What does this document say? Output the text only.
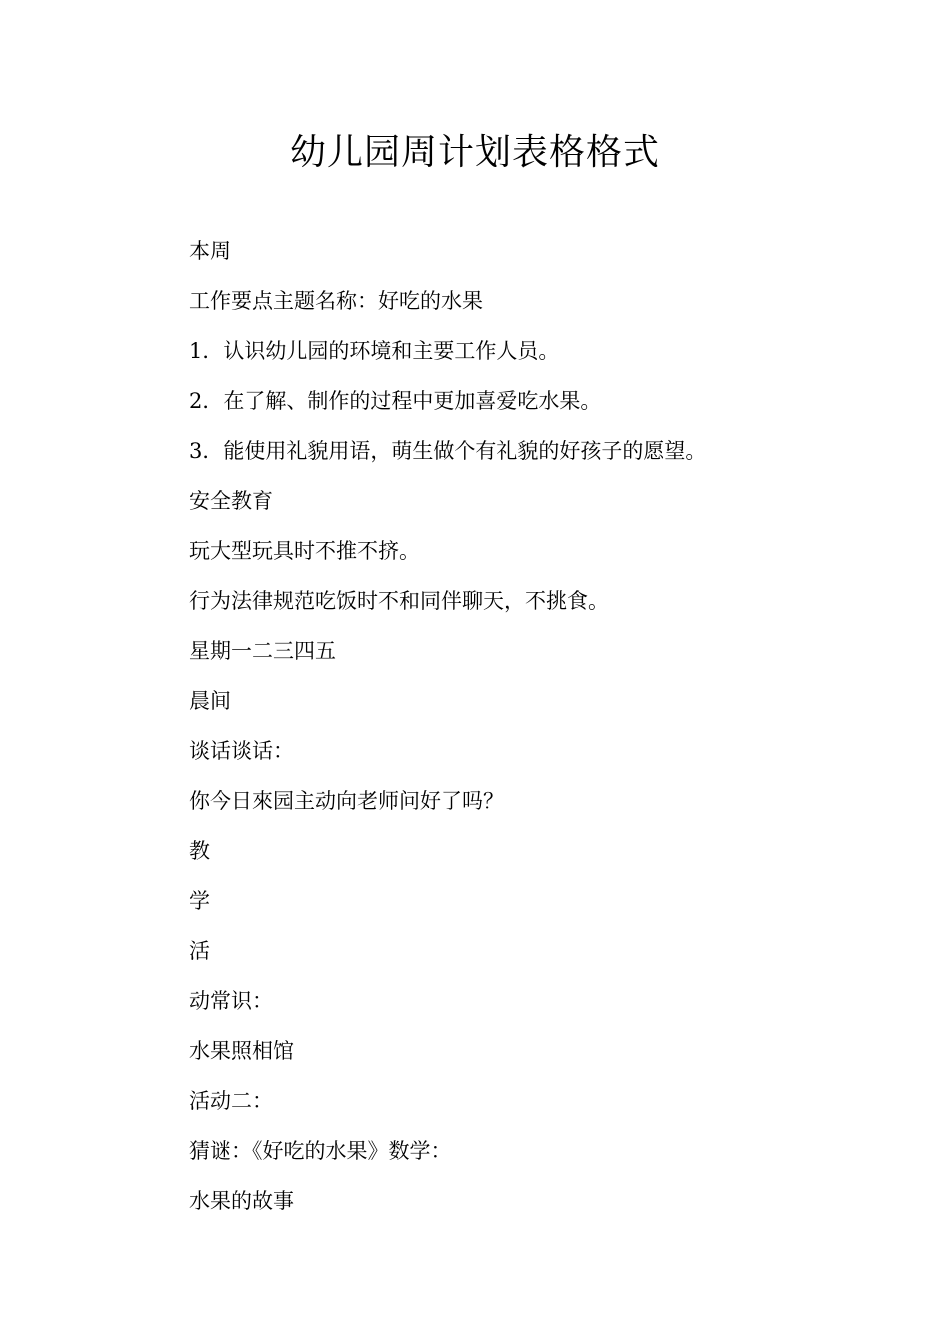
幼儿园周计划表格格式
本周
工作要点主题名称：好吃的水果
1．认识幼儿园的环境和主要工作人员。
2．在了解、制作的过程中更加喜爱吃水果。
3．能使用礼貌用语，萌生做个有礼貌的好孩子的愿望。
安全教育
玩大型玩具时不推不挤。
行为法律规范吃饭时不和同伴聊天，不挑食。
星期一二三四五
晨间
谈话谈话：
你今日來园主动向老师问好了吗？
教
学
活
动常识：
水果照相馆
活动二：
猜谜：《好吃的水果》数学：
水果的故事
